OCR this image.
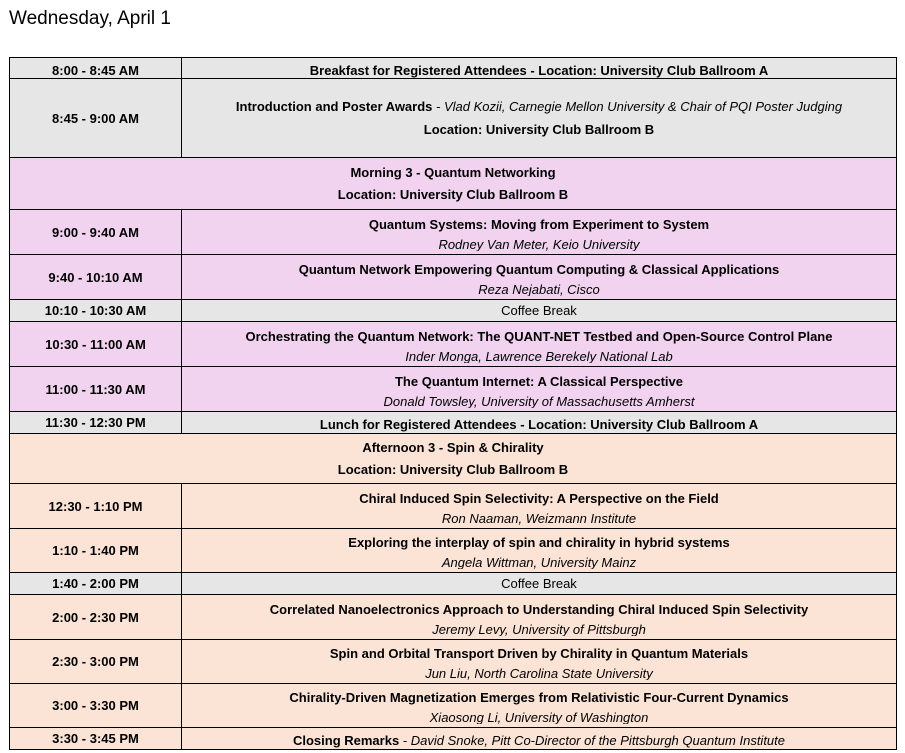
Wednesday, April 1
8:00 - 8:45 AM	Breakfast for Registered Attendees - Location: University Club Ballroom A

8:45 - 9:00 AM	Introduction and Poster Awards - Vlad Kozii, Carnegie Mellon University & Chair of PQI Poster Judging
Location: University Club Ballroom B

Morning 3 - Quantum Networking
Location: University Club Ballroom B	

9:00 - 9:40 AM	Quantum Systems: Moving from Experiment to System
Rodney Van Meter, Keio University

9:40 - 10:10 AM	Quantum Network Empowering Quantum Computing & Classical Applications
Reza Nejabati, Cisco

10:10 - 10:30 AM	Coffee Break
10:30 - 11:00 AM	Orchestrating the Quantum Network: The QUANT-NET Testbed and Open-Source Control Plane
Inder Monga, Lawrence Berekely National Lab

11:00 - 11:30 AM	The Quantum Internet: A Classical Perspective
Donald Towsley, University of Massachusetts Amherst

11:30 - 12:30 PM	Lunch for Registered Attendees - Location: University Club Ballroom A

Afternoon 3 - Spin & Chirality
Location: University Club Ballroom B	

12:30 - 1:10 PM	Chiral Induced Spin Selectivity: A Perspective on the Field
Ron Naaman, Weizmann Institute

1:10 - 1:40 PM	Exploring the interplay of spin and chirality in hybrid systems
Angela Wittman, University Mainz

1:40 - 2:00 PM	Coffee Break
2:00 - 2:30 PM	Correlated Nanoelectronics Approach to Understanding Chiral Induced Spin Selectivity
Jeremy Levy, University of Pittsburgh

2:30 - 3:00 PM	Spin and Orbital Transport Driven by Chirality in Quantum Materials
Jun Liu, North Carolina State University

3:00 - 3:30 PM	Chirality-Driven Magnetization Emerges from Relativistic Four-Current Dynamics
Xiaosong Li, University of Washington

3:30 - 3:45 PM	Closing Remarks - David Snoke, Pitt Co-Director of the Pittsburgh Quantum Institute
